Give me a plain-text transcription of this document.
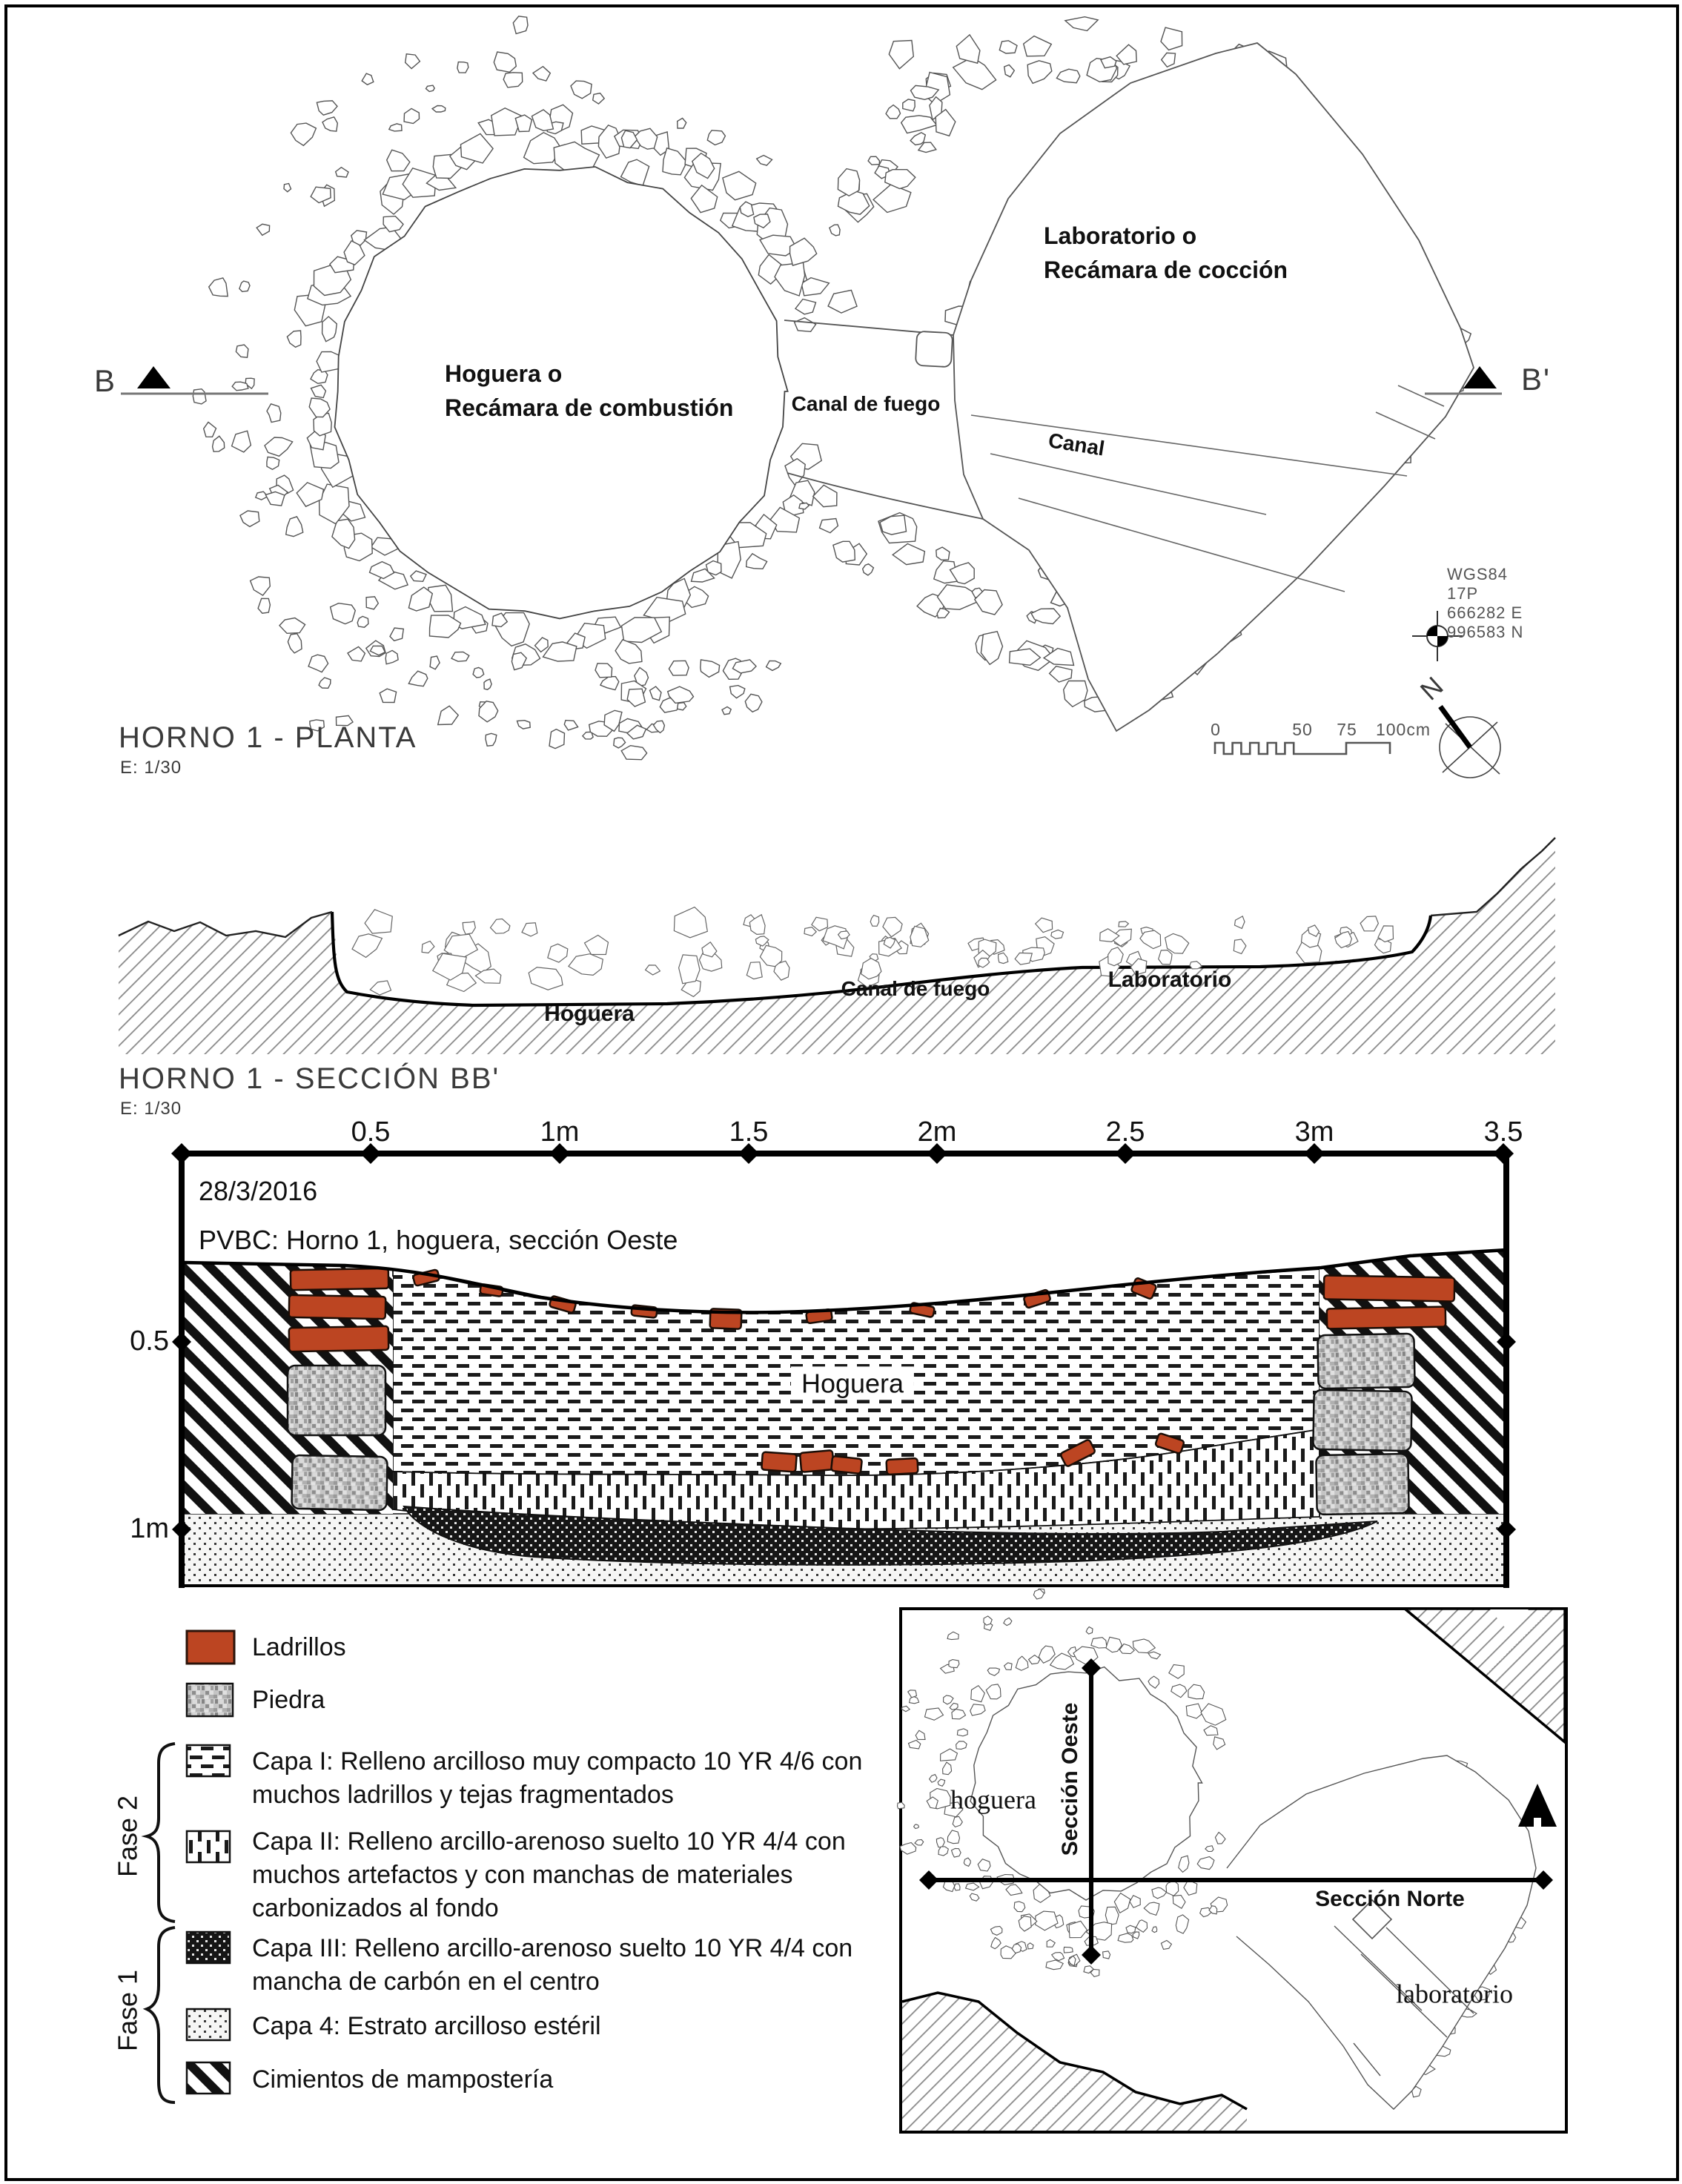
B	B'
Hoguera o
Recámara de combustión	Canal de fuego
Canal
Laboratorio o
Recámara de cocción
WGS84
17P
666282 E
996583 N
0	50 75 100cm
N
HORNO 1 - PLANTA
E: 1/30
Hoguera
Canal de fuego	Laboratorio
HORNO 1 - SECCIÓN BB'
E: 1/30
28/3/2016
PVBC: Horno 1, hoguera, sección Oeste
0.5	1m	1.5	2m	2.5	3m	3.5
0.5
1m
Hoguera
Ladrillos
Piedra
Capa I: Relleno arcilloso muy compacto 10 YR 4/6 con muchos ladrillos y tejas fragmentados
Capa II: Relleno arcillo-arenoso suelto 10 YR 4/4 con muchos artefactos y con manchas de materiales carbonizados al fondo
Capa III: Relleno arcillo-arenoso suelto 10 YR 4/4 con mancha de carbón en el centro
Capa 4: Estrato arcilloso estéril
Cimientos de mampostería
Fase 2
Fase 1
hoguera
laboratorio
Sección Oeste
Sección Norte
